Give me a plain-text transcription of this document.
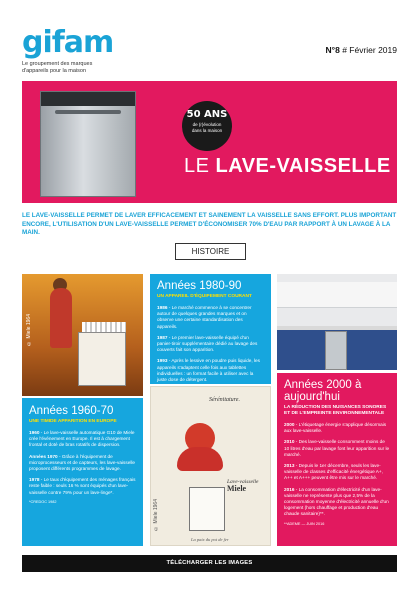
gifam
Le groupement des marques d'appareils pour la maison
N°8 # Février 2019
50 ANS
de (r)évolution dans la maison
LE LAVE-VAISSELLE
LE LAVE-VAISSELLE PERMET DE LAVER EFFICACEMENT ET SAINEMENT LA VAISSELLE SANS EFFORT. PLUS IMPORTANT ENCORE, L'UTILISATION D'UN LAVE-VAISSELLE PERMET D'ÉCONOMISER 70% D'EAU PAR RAPPORT À UN LAVAGE À LA MAIN.
HISTOIRE
© Miele 1964
Années 1980-90
UN APPAREIL D'ÉQUIPEMENT COURANT
1986 - Le marché commence à se concentrer autour de quelques grandes marques et on observe une certaine standardisation des appareils.
1987 - Le premier lave-vaisselle équipé d'un panier-tiroir supplémentaire dédié au lavage des couverts fait son apparition.
1993 - Après le lessive en poudre puis liquide, les appareils s'adaptent celle fois aux tablettes individuelles : un format facile à utiliser avec la juste dose de détergent.
Années 1960-70
UNE TIMIDE APPARITION EN EUROPE
1960 - Le lave-vaisselle automatique G10 de Miele crée l'événement en Europe. Il est à chargement frontal et doté de bras rotatifs de dispersion.
Années 1970 - Grâce à l'équipement de microprocesseurs et de capteurs, les lave-vaisselle proposent différents programmes de lavage.
1978 - Le taux d'équipement des ménages français reste faible : seuls 16 % sont équipés d'un lave-vaisselle contre 79% pour un lave-linge*.
*CREDOC 1982
Sérénitature.
Lave-vaisselle
Miele
La paix du pot de fer
© Miele 1964
Années 2000 à aujourd'hui
LA RÉDUCTION DES NUISANCES SONORES ET DE L'EMPREINTE ENVIRONNEMENTALE
2000 - L'étiquetage énergie s'applique désormais aux lave-vaisselle.
2010 - Des lave-vaisselle consomment moins de 10 litres d'eau par lavage font leur apparition sur le marché.
2013 - Depuis le 1er décembre, seuls les lave-vaisselle de classes d'efficacité énergétique A+, A++ et A+++ peuvent être mis sur le marché.
2016 - La consommation d'électricité d'un lave-vaisselle ne représente plus que 2,5% de la consommation moyenne d'électricité annuelle d'un logement (hors chauffage et production d'eau chaude sanitaire)**.
**ADEME — JUIN 2016
TÉLÉCHARGER LES IMAGES
